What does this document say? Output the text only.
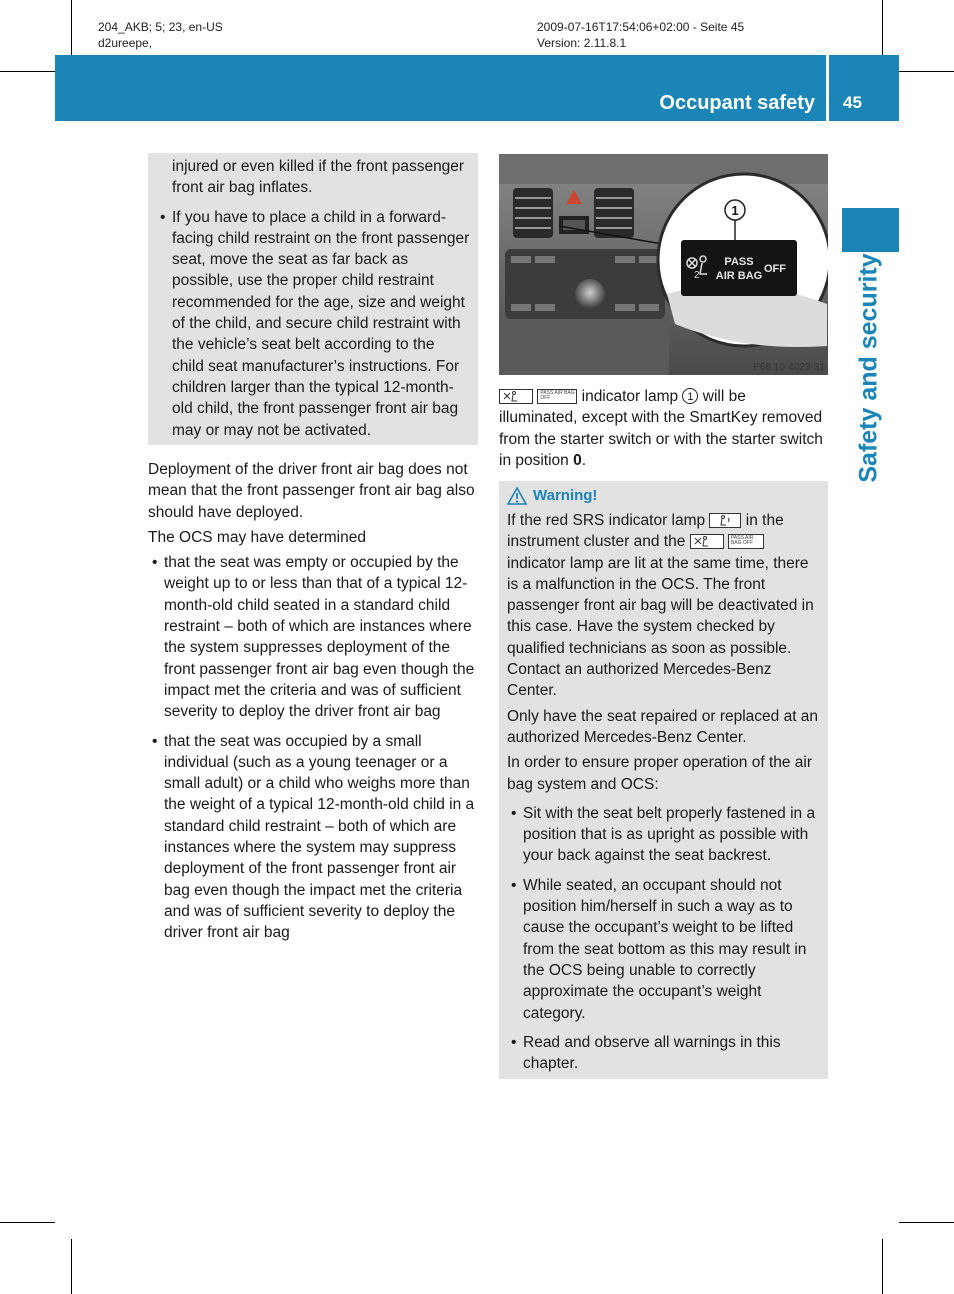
204_AKB; 5; 23, en-US
d2ureepe,
2009-07-16T17:54:06+02:00 - Seite 45
Version: 2.11.8.1
Occupant safety 45
Safety and security

injured or even killed if the front passenger front air bag inflates.

• If you have to place a child in a forward-facing child restraint on the front passenger seat, move the seat as far back as possible, use the proper child restraint recommended for the age, size and weight of the child, and secure child restraint with the vehicle’s seat belt according to the child seat manufacturer’s instructions. For children larger than the typical 12-month-old child, the front passenger front air bag may or may not be activated.

Deployment of the driver front air bag does not mean that the front passenger front air bag also should have deployed.

The OCS may have determined

• that the seat was empty or occupied by the weight up to or less than that of a typical 12-month-old child seated in a standard child restraint – both of which are instances where the system suppresses deployment of the front passenger front air bag even though the impact met the criteria and was of sufficient severity to deploy the driver front air bag
• that the seat was occupied by a small individual (such as a young teenager or a small adult) or a child who weighs more than the weight of a typical 12-month-old child in a standard child restraint – both of which are instances where the system may suppress deployment of the front passenger front air bag even though the impact met the criteria and was of sufficient severity to deploy the driver front air bag
1
2
PASS
AIR BAG
OFF
P68.10-4023-31

PASS AIR BAG OFF	indicator lamp 1 will be illuminated, except with the SmartKey removed from the starter switch or with the starter switch in position 0.
Warning!

If the red SRS indicator lamp	in the instrument cluster and the
	PASS AIR BAG OFF
indicator lamp are lit at the same time, there is a malfunction in the OCS. The front passenger front air bag will be deactivated in this case. Have the system checked by qualified technicians as soon as possible. Contact an authorized Mercedes-Benz Center.

Only have the seat repaired or replaced at an authorized Mercedes-Benz Center.

In order to ensure proper operation of the air bag system and OCS:

• Sit with the seat belt properly fastened in a position that is as upright as possible with your back against the seat backrest.
• While seated, an occupant should not position him/herself in such a way as to cause the occupant’s weight to be lifted from the seat bottom as this may result in the OCS being unable to correctly approximate the occupant’s weight category.
• Read and observe all warnings in this chapter.
